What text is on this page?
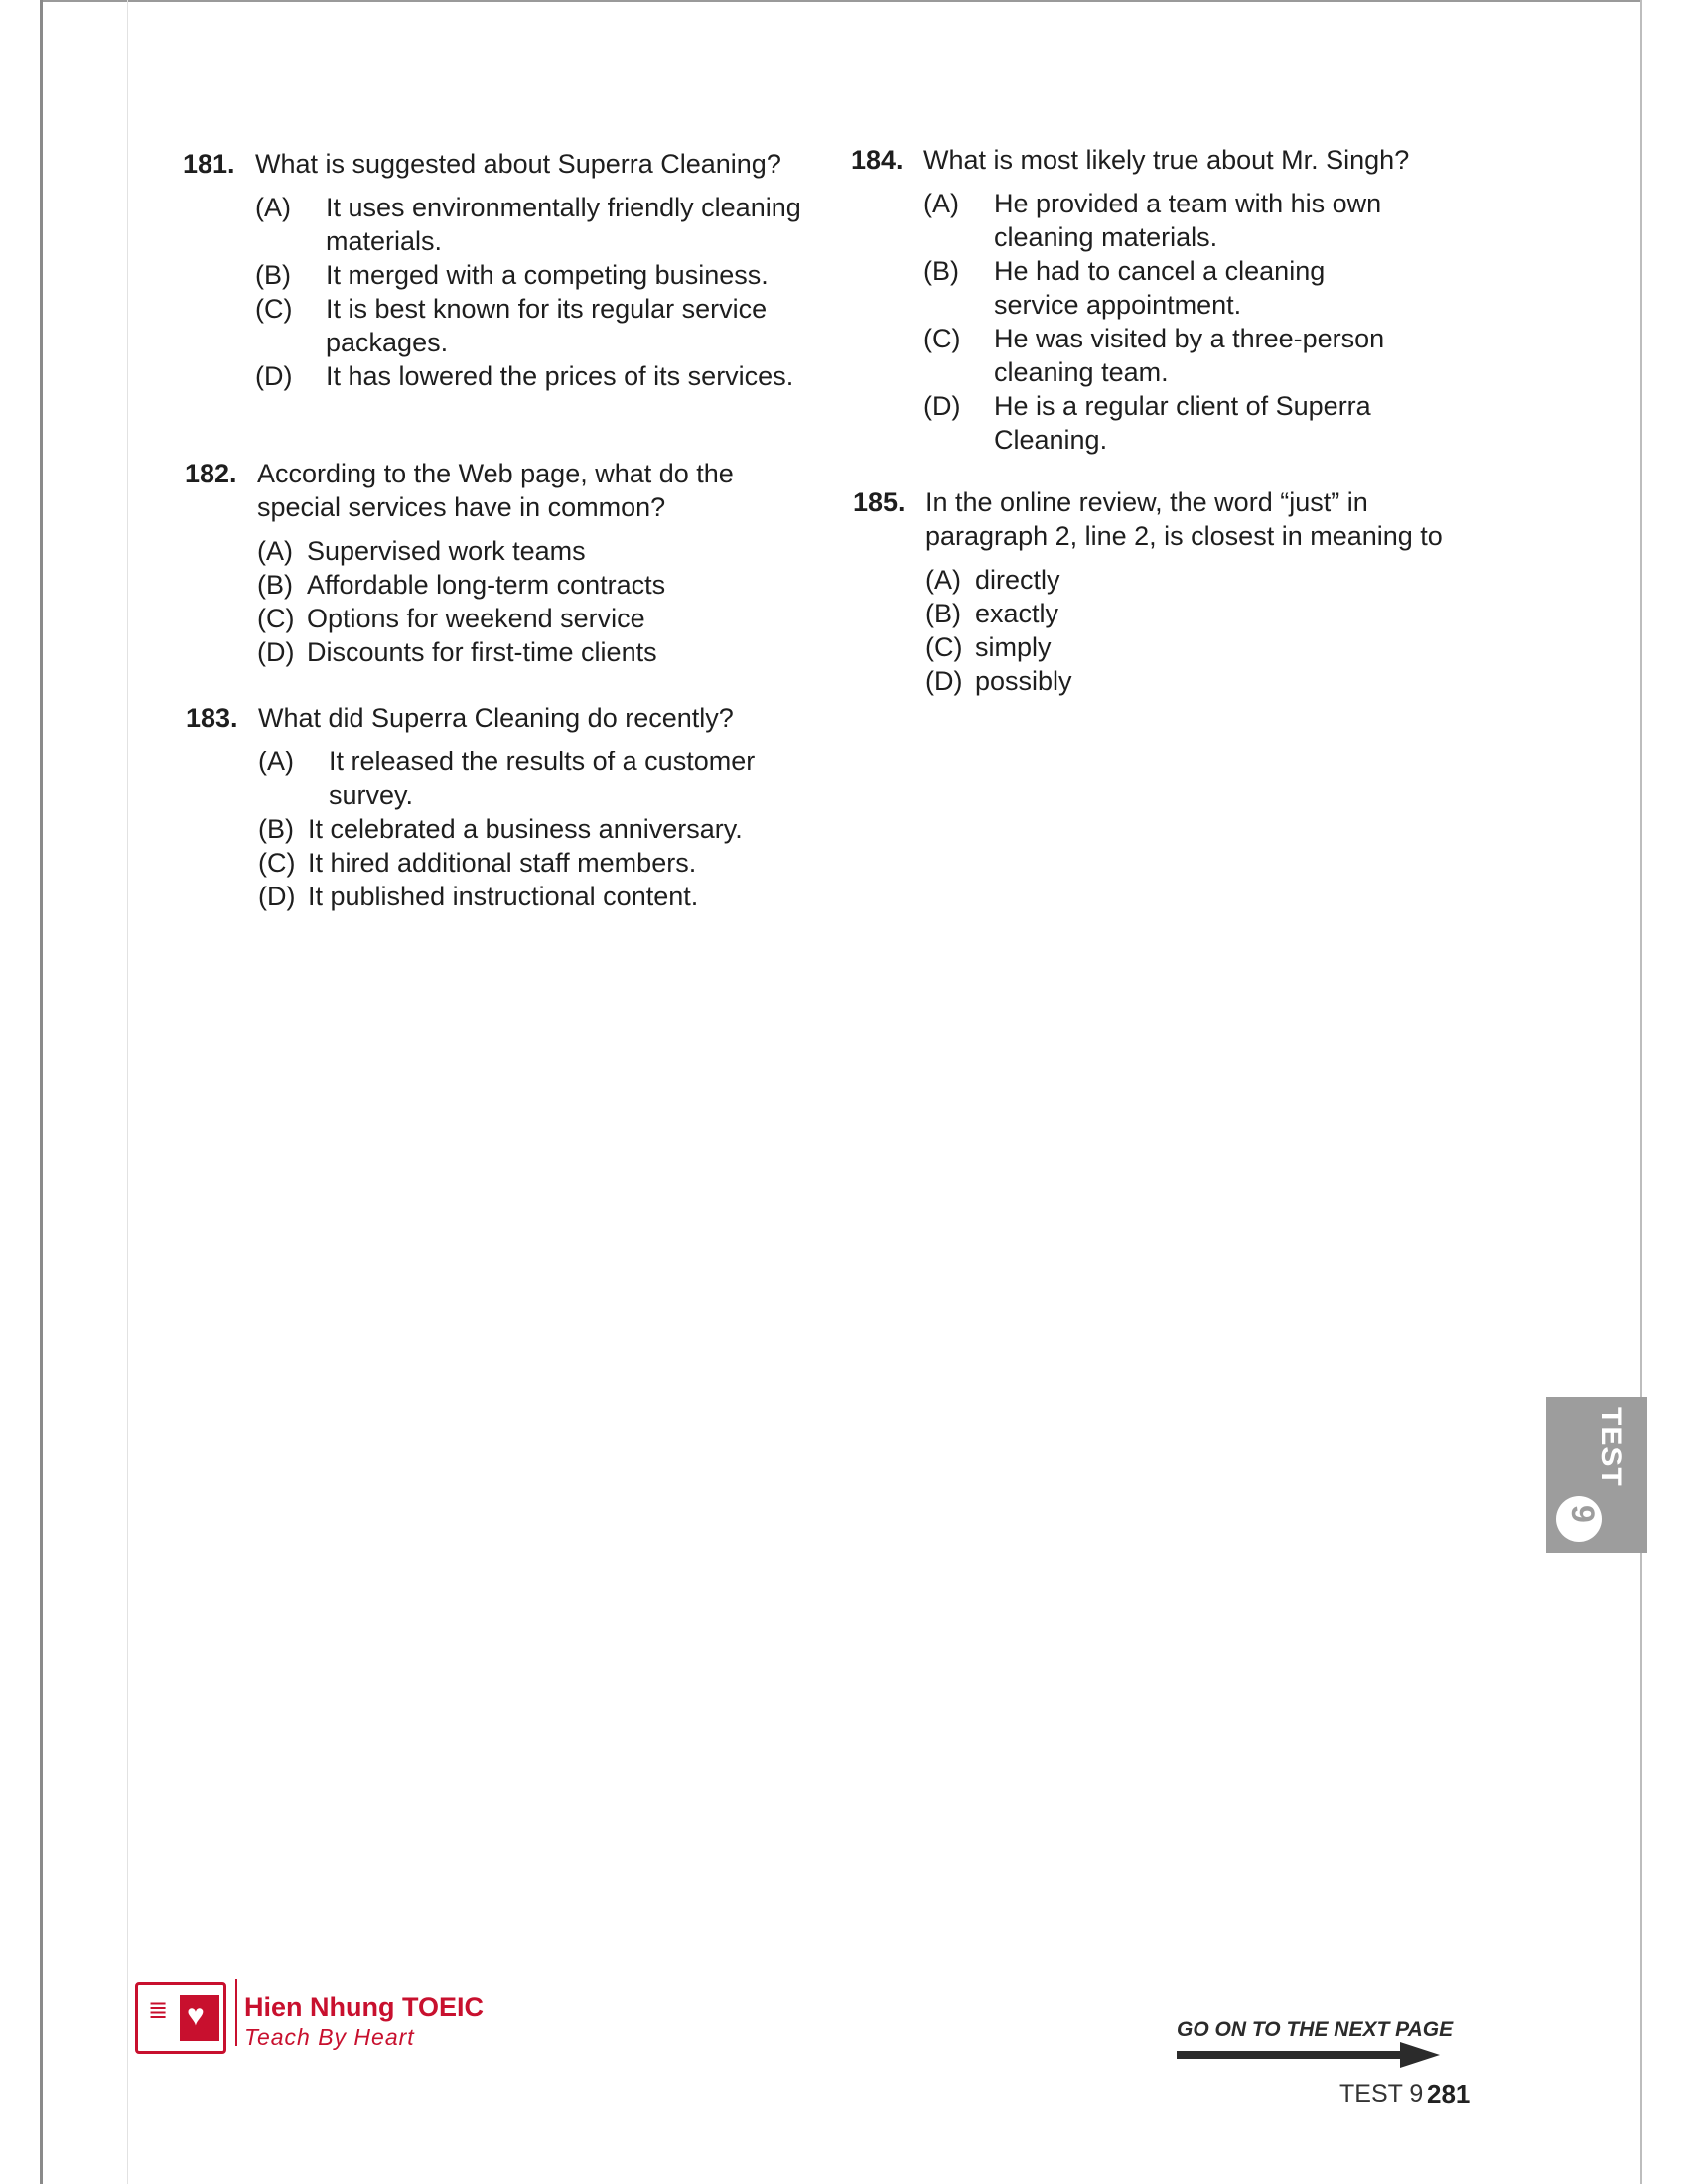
181. What is suggested about Superra Cleaning?
(A) It uses environmentally friendly cleaning materials.
(B) It merged with a competing business.
(C) It is best known for its regular service packages.
(D) It has lowered the prices of its services.
182. According to the Web page, what do the special services have in common?
(A) Supervised work teams
(B) Affordable long-term contracts
(C) Options for weekend service
(D) Discounts for first-time clients
183. What did Superra Cleaning do recently?
(A) It released the results of a customer survey.
(B) It celebrated a business anniversary.
(C) It hired additional staff members.
(D) It published instructional content.
184. What is most likely true about Mr. Singh?
(A) He provided a team with his own cleaning materials.
(B) He had to cancel a cleaning service appointment.
(C) He was visited by a three-person cleaning team.
(D) He is a regular client of Superra Cleaning.
185. In the online review, the word “just” in paragraph 2, line 2, is closest in meaning to
(A) directly
(B) exactly
(C) simply
(D) possibly
TEST
9
≣ ♥ Hien Nhung TOEIC
Teach By Heart	GO ON TO THE NEXT PAGE
TEST 9 281
